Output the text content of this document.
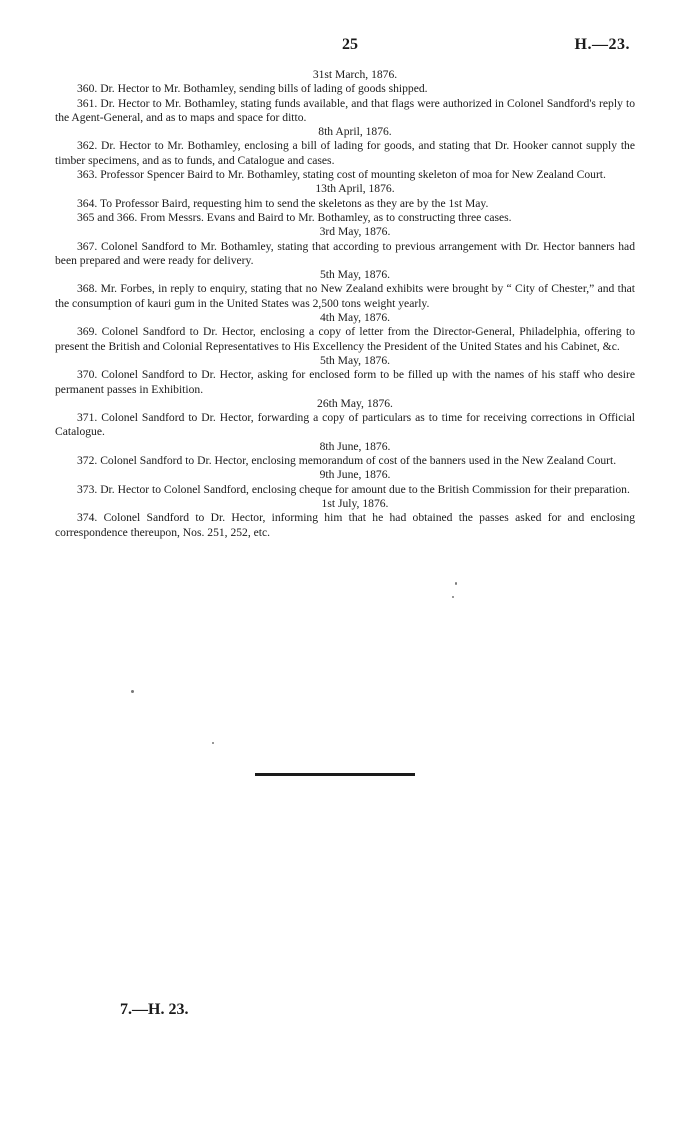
25	H.—23.

31st March, 1876.

360. Dr. Hector to Mr. Bothamley, sending bills of lading of goods shipped.

361. Dr. Hector to Mr. Bothamley, stating funds available, and that flags were authorized in Colonel Sandford's reply to the Agent-General, and as to maps and space for ditto.

8th April, 1876.

362. Dr. Hector to Mr. Bothamley, enclosing a bill of lading for goods, and stating that Dr. Hooker cannot supply the timber specimens, and as to funds, and Catalogue and cases.

363. Professor Spencer Baird to Mr. Bothamley, stating cost of mounting skeleton of moa for New Zealand Court.

13th April, 1876.

364. To Professor Baird, requesting him to send the skeletons as they are by the 1st May.

365 and 366. From Messrs. Evans and Baird to Mr. Bothamley, as to constructing three cases.

3rd May, 1876.

367. Colonel Sandford to Mr. Bothamley, stating that according to previous arrangement with Dr. Hector banners had been prepared and were ready for delivery.

5th May, 1876.

368. Mr. Forbes, in reply to enquiry, stating that no New Zealand exhibits were brought by “ City of Chester,” and that the consumption of kauri gum in the United States was 2,500 tons weight yearly.

4th May, 1876.

369. Colonel Sandford to Dr. Hector, enclosing a copy of letter from the Director-General, Philadelphia, offering to present the British and Colonial Representatives to His Excellency the President of the United States and his Cabinet, &c.

5th May, 1876.

370. Colonel Sandford to Dr. Hector, asking for enclosed form to be filled up with the names of his staff who desire permanent passes in Exhibition.

26th May, 1876.

371. Colonel Sandford to Dr. Hector, forwarding a copy of particulars as to time for receiving corrections in Official Catalogue.

8th June, 1876.

372. Colonel Sandford to Dr. Hector, enclosing memorandum of cost of the banners used in the New Zealand Court.

9th June, 1876.

373. Dr. Hector to Colonel Sandford, enclosing cheque for amount due to the British Commission for their preparation.

1st July, 1876.

374. Colonel Sandford to Dr. Hector, informing him that he had obtained the passes asked for and enclosing correspondence thereupon, Nos. 251, 252, etc.

7.—H. 23.
